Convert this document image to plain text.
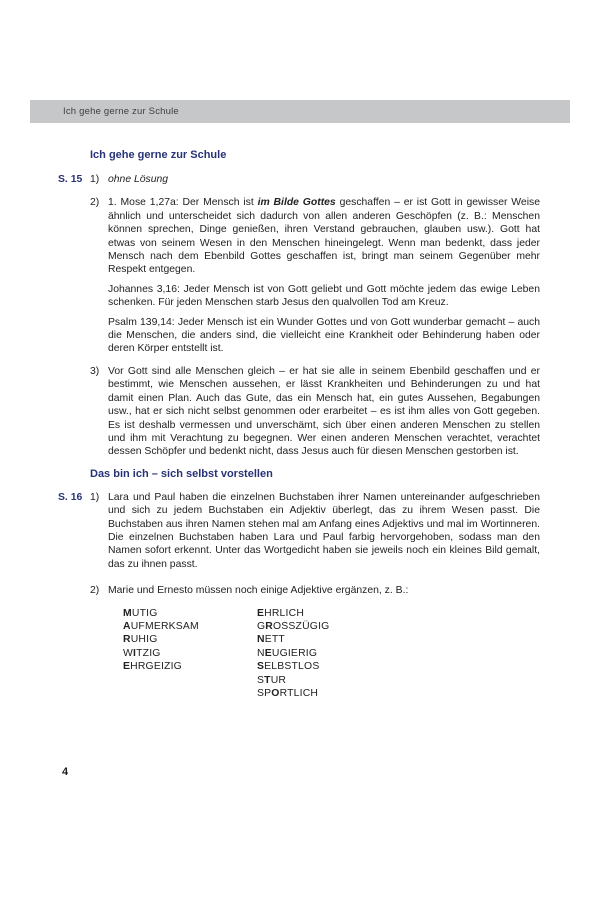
Ich gehe gerne zur Schule
Ich gehe gerne zur Schule
S. 15 1) ohne Lösung
2) 1. Mose 1,27a: Der Mensch ist im Bilde Gottes geschaffen – er ist Gott in gewisser Weise ähnlich und unterscheidet sich dadurch von allen anderen Geschöpfen (z. B.: Menschen können sprechen, Dinge genießen, ihren Verstand gebrauchen, glauben usw.). Gott hat etwas von seinem Wesen in den Menschen hineingelegt. Wenn man bedenkt, dass jeder Mensch nach dem Ebenbild Gottes geschaffen ist, bringt man seinem Gegenüber mehr Respekt entgegen.

Johannes 3,16: Jeder Mensch ist von Gott geliebt und Gott möchte jedem das ewige Leben schenken. Für jeden Menschen starb Jesus den qualvollen Tod am Kreuz.

Psalm 139,14: Jeder Mensch ist ein Wunder Gottes und von Gott wunderbar gemacht – auch die Menschen, die anders sind, die vielleicht eine Krankheit oder Behinderung haben oder deren Körper entstellt ist.

3) Vor Gott sind alle Menschen gleich – er hat sie alle in seinem Ebenbild geschaffen und er bestimmt, wie Menschen aussehen, er lässt Krankheiten und Behinderungen zu und hat damit einen Plan. Auch das Gute, das ein Mensch hat, ein gutes Aussehen, Begabungen usw., hat er sich nicht selbst genommen oder erarbeitet – es ist ihm alles von Gott gegeben. Es ist deshalb vermessen und unverschämt, sich über einen anderen Menschen zu stellen und ihm mit Verachtung zu begegnen. Wer einen anderen Menschen verachtet, verachtet dessen Schöpfer und bedenkt nicht, dass Jesus auch für diesen Menschen gestorben ist.
Das bin ich – sich selbst vorstellen
S. 16 1) Lara und Paul haben die einzelnen Buchstaben ihrer Namen untereinander aufgeschrieben und sich zu jedem Buchstaben ein Adjektiv überlegt, das zu ihrem Wesen passt. Die Buchstaben aus ihren Namen stehen mal am Anfang eines Adjektivs und mal im Wortinneren. Die einzelnen Buchstaben haben Lara und Paul farbig hervorgehoben, sodass man den Namen sofort erkennt. Unter das Wortgedicht haben sie jeweils noch ein kleines Bild gemalt, das zu ihnen passt.
2) Marie und Ernesto müssen noch einige Adjektive ergänzen, z. B.:
MUTIG
AUFMERKSAM
RUHIG
WITZIG
EHRGEIZIG
EHRLICH
GROSSZÜGIG
NETT
NEUGIERIG
SELBSTLOS
STUR
SPORTLICH
4
